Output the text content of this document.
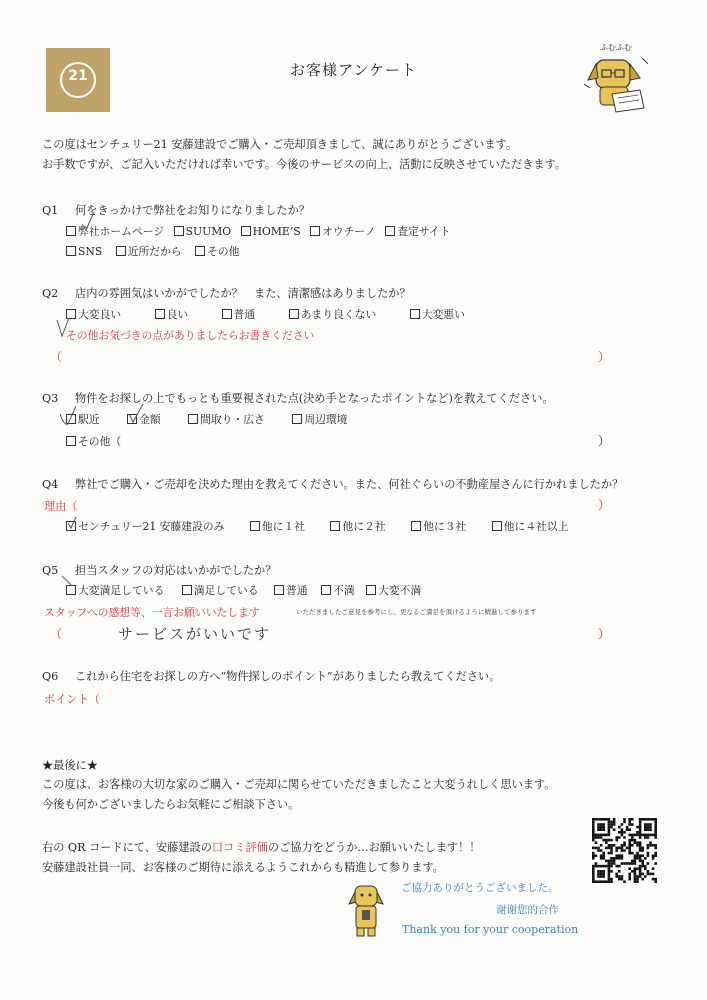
21	お客様アンケート
ふむふむ
この度はセンチュリー21 安藤建設でご購入・ご売却頂きまして、誠にありがとうございます。
お手数ですが、ご記入いただければ幸いです。今後のサービスの向上、活動に反映させていただきます。
Q1 何をきっかけで弊社をお知りになりましたか？
弊社ホームページ SUUMO HOME’S オウチーノ 査定サイト
SNS 近所だから その他
Q2 店内の雰囲気はいかがでしたか？　また、清潔感はありましたか？
大変良い	良い	普通	あまり良くない	大変悪い
その他お気づきの点がありましたらお書きください
（	）
Q3 物件をお探しの上でもっとも重要視された点(決め手となったポイントなど)を教えてください。
駅近	金額	間取り・広さ	周辺環境
その他（	）
Q4 弊社でご購入・ご売却を決めた理由を教えてください。また、何社ぐらいの不動産屋さんに行かれましたか？
理由（	）
センチュリー21 安藤建設のみ	他に１社	他に２社	他に３社	他に４社以上
Q5 担当スタッフの対応はいかがでしたか？
大変満足している	満足している	普通 不満 大変不満
スタッフへの感想等、一言お願いいたします	いただきましたご意見を参考にし、更なるご満足を頂けるように精進して参ります
（	サービスがいいです	）
Q6 これから住宅をお探しの方へ“物件探しのポイント”がありましたら教えてください。
ポイント（
★最後に★
この度は、お客様の大切な家のご購入・ご売却に関らせていただきましたこと大変うれしく思います。
今後も何かございましたらお気軽にご相談下さい。
右の QR コードにて、安藤建設の口コミ評価のご協力をどうか…お願いいたします！！
安藤建設社員一同、お客様のご期待に添えるようこれからも精進して参ります。
ご協力ありがとうございました。
谢谢您的合作
Thank you for your cooperation
